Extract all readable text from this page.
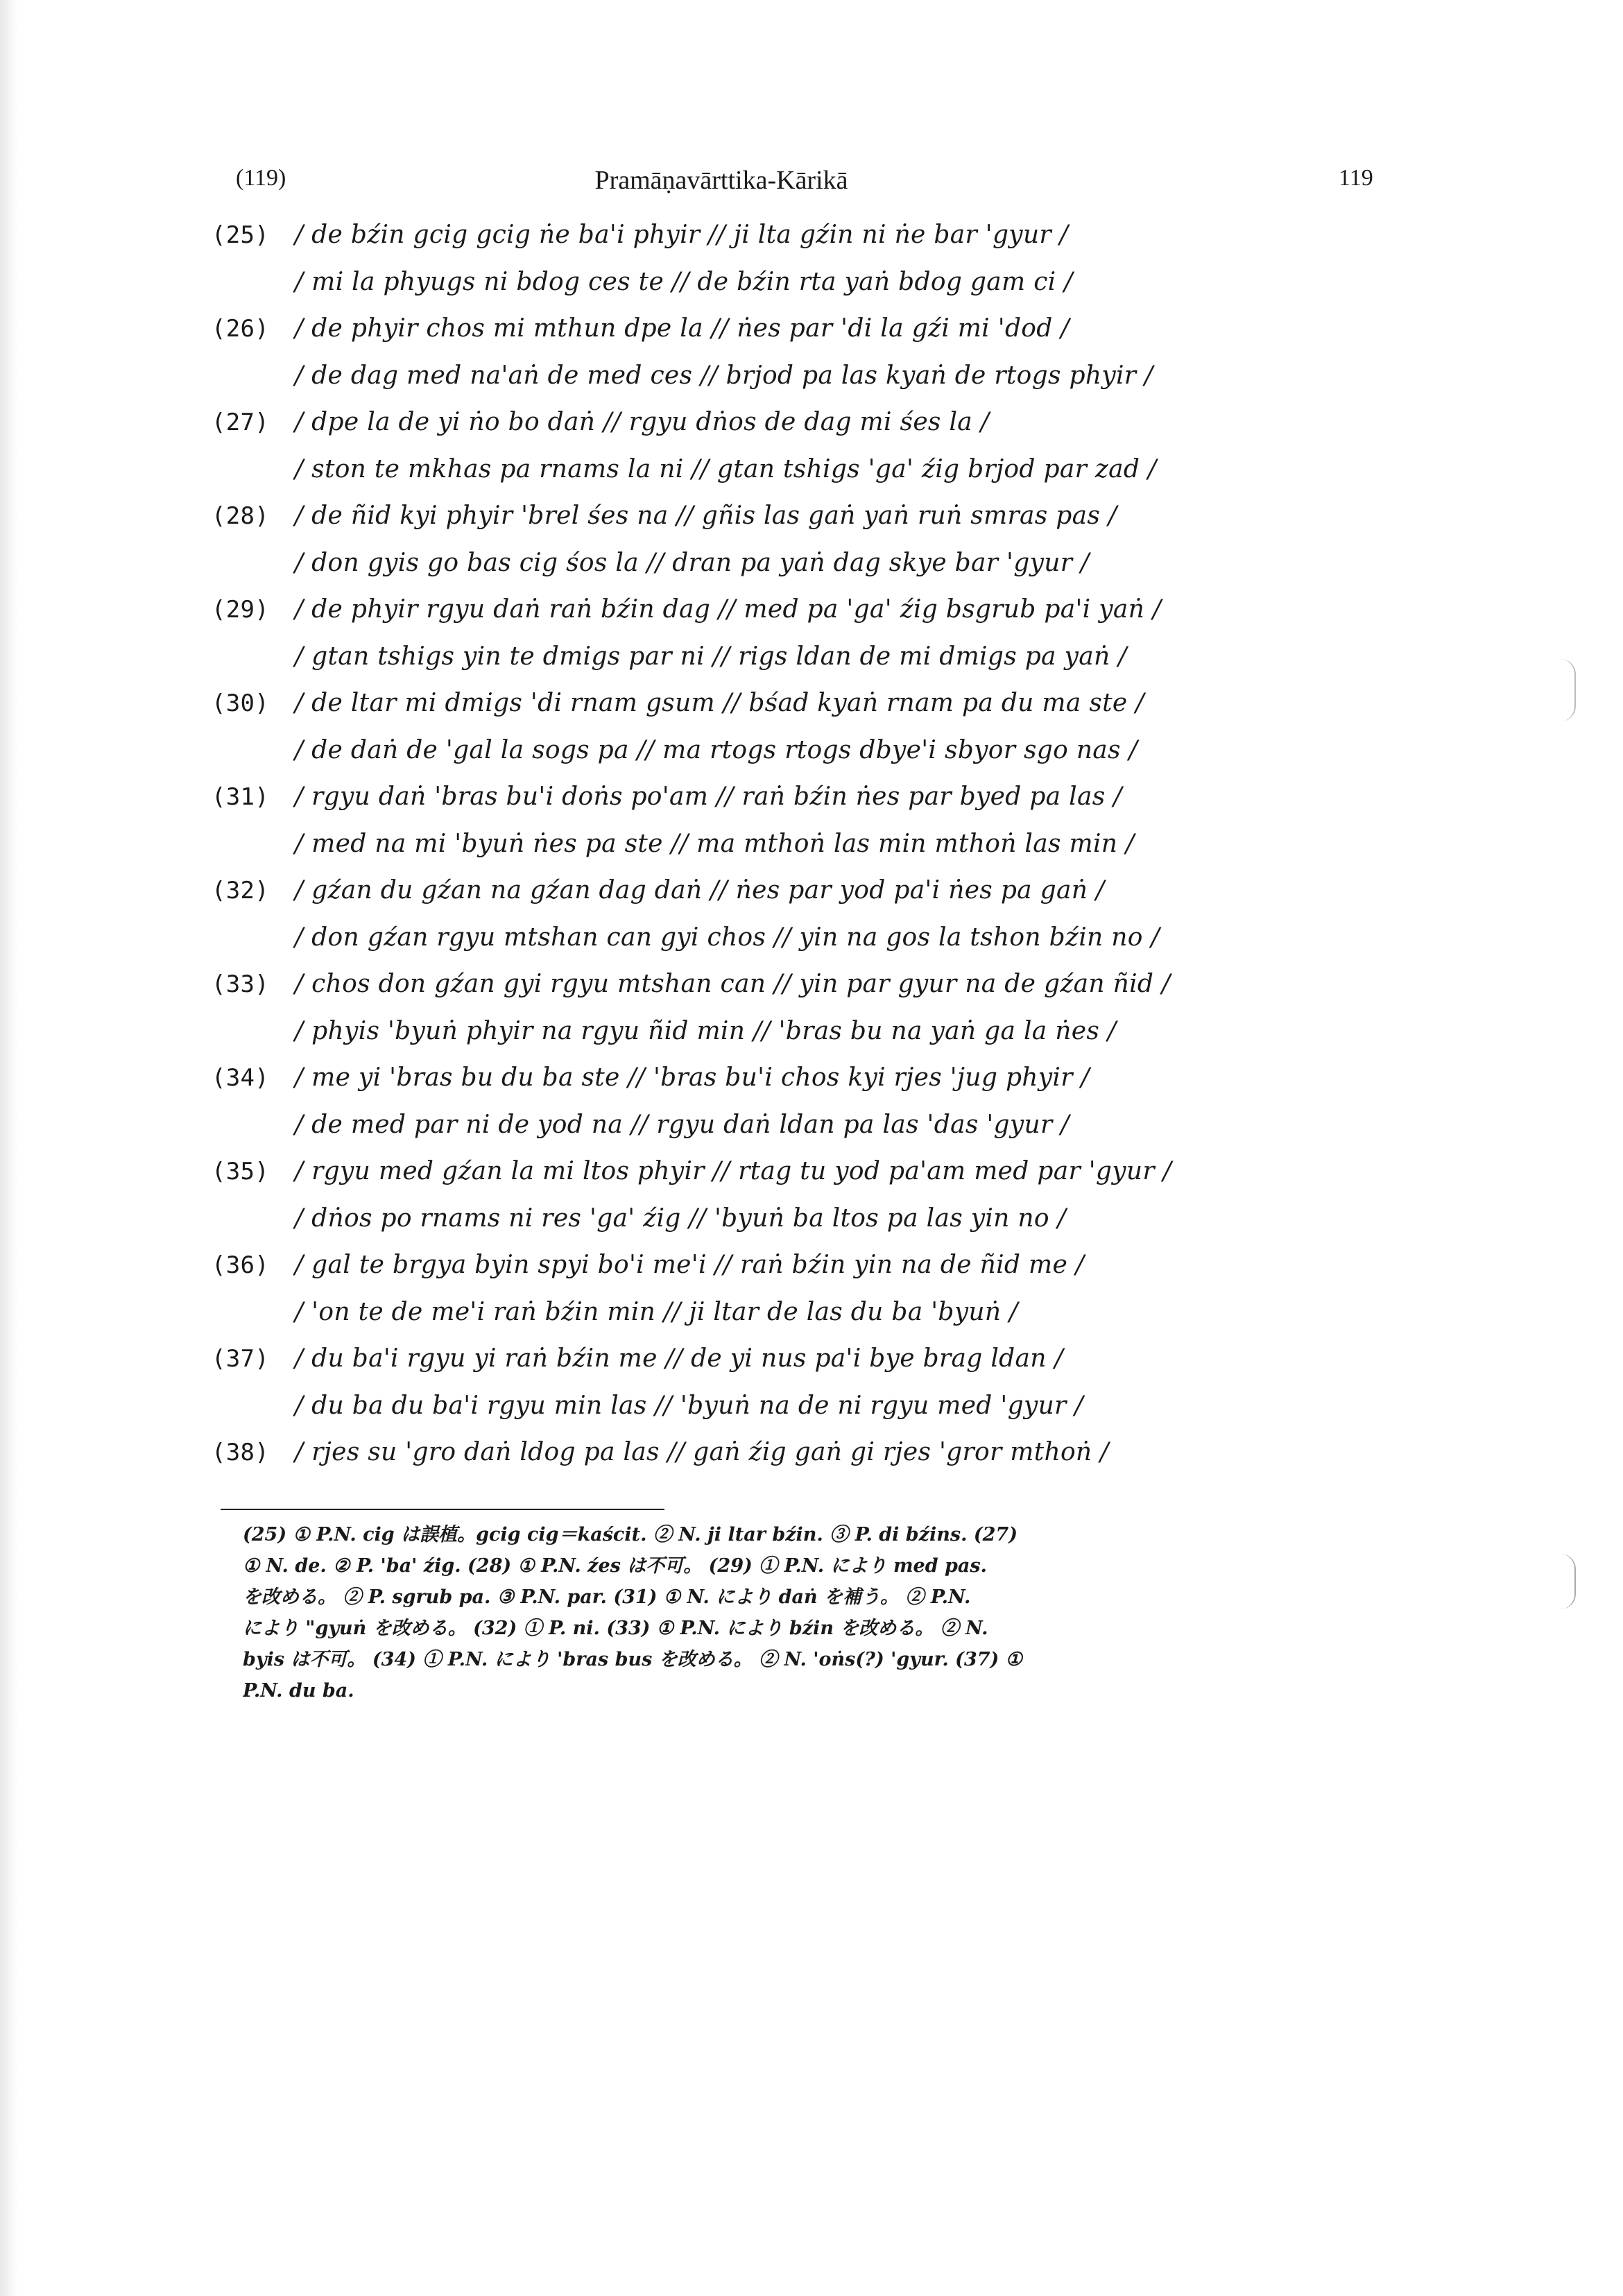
(119)	Pramāṇavārttika-Kārikā	119
(25) / de bźin gcig gcig ṅe ba'i phyir // ji lta gźin ni ṅe bar 'gyur /
/ mi la phyugs ni bdog ces te // de bźin rta yaṅ bdog gam ci /
(26) / de phyir chos mi mthun dpe la // ṅes par 'di la gźi mi 'dod /
/ de dag med na'aṅ de med ces // brjod pa las kyaṅ de rtogs phyir /
(27) / dpe la de yi ṅo bo daṅ // rgyu dṅos de dag mi śes la /
/ ston te mkhas pa rnams la ni // gtan tshigs 'ga' źig brjod par zad /
(28) / de ñid kyi phyir 'brel śes na // gñis las gaṅ yaṅ ruṅ smras pas /
/ don gyis go bas cig śos la // dran pa yaṅ dag skye bar 'gyur /
(29) / de phyir rgyu daṅ raṅ bźin dag // med pa 'ga' źig bsgrub pa'i yaṅ /
/ gtan tshigs yin te dmigs par ni // rigs ldan de mi dmigs pa yaṅ /
(30) / de ltar mi dmigs 'di rnam gsum // bśad kyaṅ rnam pa du ma ste /
/ de daṅ de 'gal la sogs pa // ma rtogs rtogs dbye'i sbyor sgo nas /
(31) / rgyu daṅ 'bras bu'i doṅs po'am // raṅ bźin ṅes par byed pa las /
/ med na mi 'byuṅ ṅes pa ste // ma mthoṅ las min mthoṅ las min /
(32) / gźan du gźan na gźan dag daṅ // ṅes par yod pa'i ṅes pa gaṅ /
/ don gźan rgyu mtshan can gyi chos // yin na gos la tshon bźin no /
(33) / chos don gźan gyi rgyu mtshan can // yin par gyur na de gźan ñid /
/ phyis 'byuṅ phyir na rgyu ñid min // 'bras bu na yaṅ ga la ṅes /
(34) / me yi 'bras bu du ba ste // 'bras bu'i chos kyi rjes 'jug phyir /
/ de med par ni de yod na // rgyu daṅ ldan pa las 'das 'gyur /
(35) / rgyu med gźan la mi ltos phyir // rtag tu yod pa'am med par 'gyur /
/ dṅos po rnams ni res 'ga' źig // 'byuṅ ba ltos pa las yin no /
(36) / gal te brgya byin spyi bo'i me'i // raṅ bźin yin na de ñid me /
/ 'on te de me'i raṅ bźin min // ji ltar de las du ba 'byuṅ /
(37) / du ba'i rgyu yi raṅ bźin me // de yi nus pa'i bye brag ldan /
/ du ba du ba'i rgyu min las // 'byuṅ na de ni rgyu med 'gyur /
(38) / rjes su 'gro daṅ ldog pa las // gaṅ źig gaṅ gi rjes 'gror mthoṅ /
(25) ① P.N. cig は誤植。gcig cig＝kaścit. ② N. ji ltar bźin. ③ P. di bźins. (27)
① N. de. ② P. 'ba' źig. (28) ① P.N. źes は不可。 (29) ① P.N. により med pas.
を改める。 ② P. sgrub pa. ③ P.N. par. (31) ① N. により daṅ を補う。 ② P.N.
により "gyuṅ を改める。 (32) ① P. ni. (33) ① P.N. により bźin を改める。 ② N.
byis は不可。 (34) ① P.N. により 'bras bus を改める。 ② N. 'oṅs(?) 'gyur. (37) ①
P.N. du ba.
